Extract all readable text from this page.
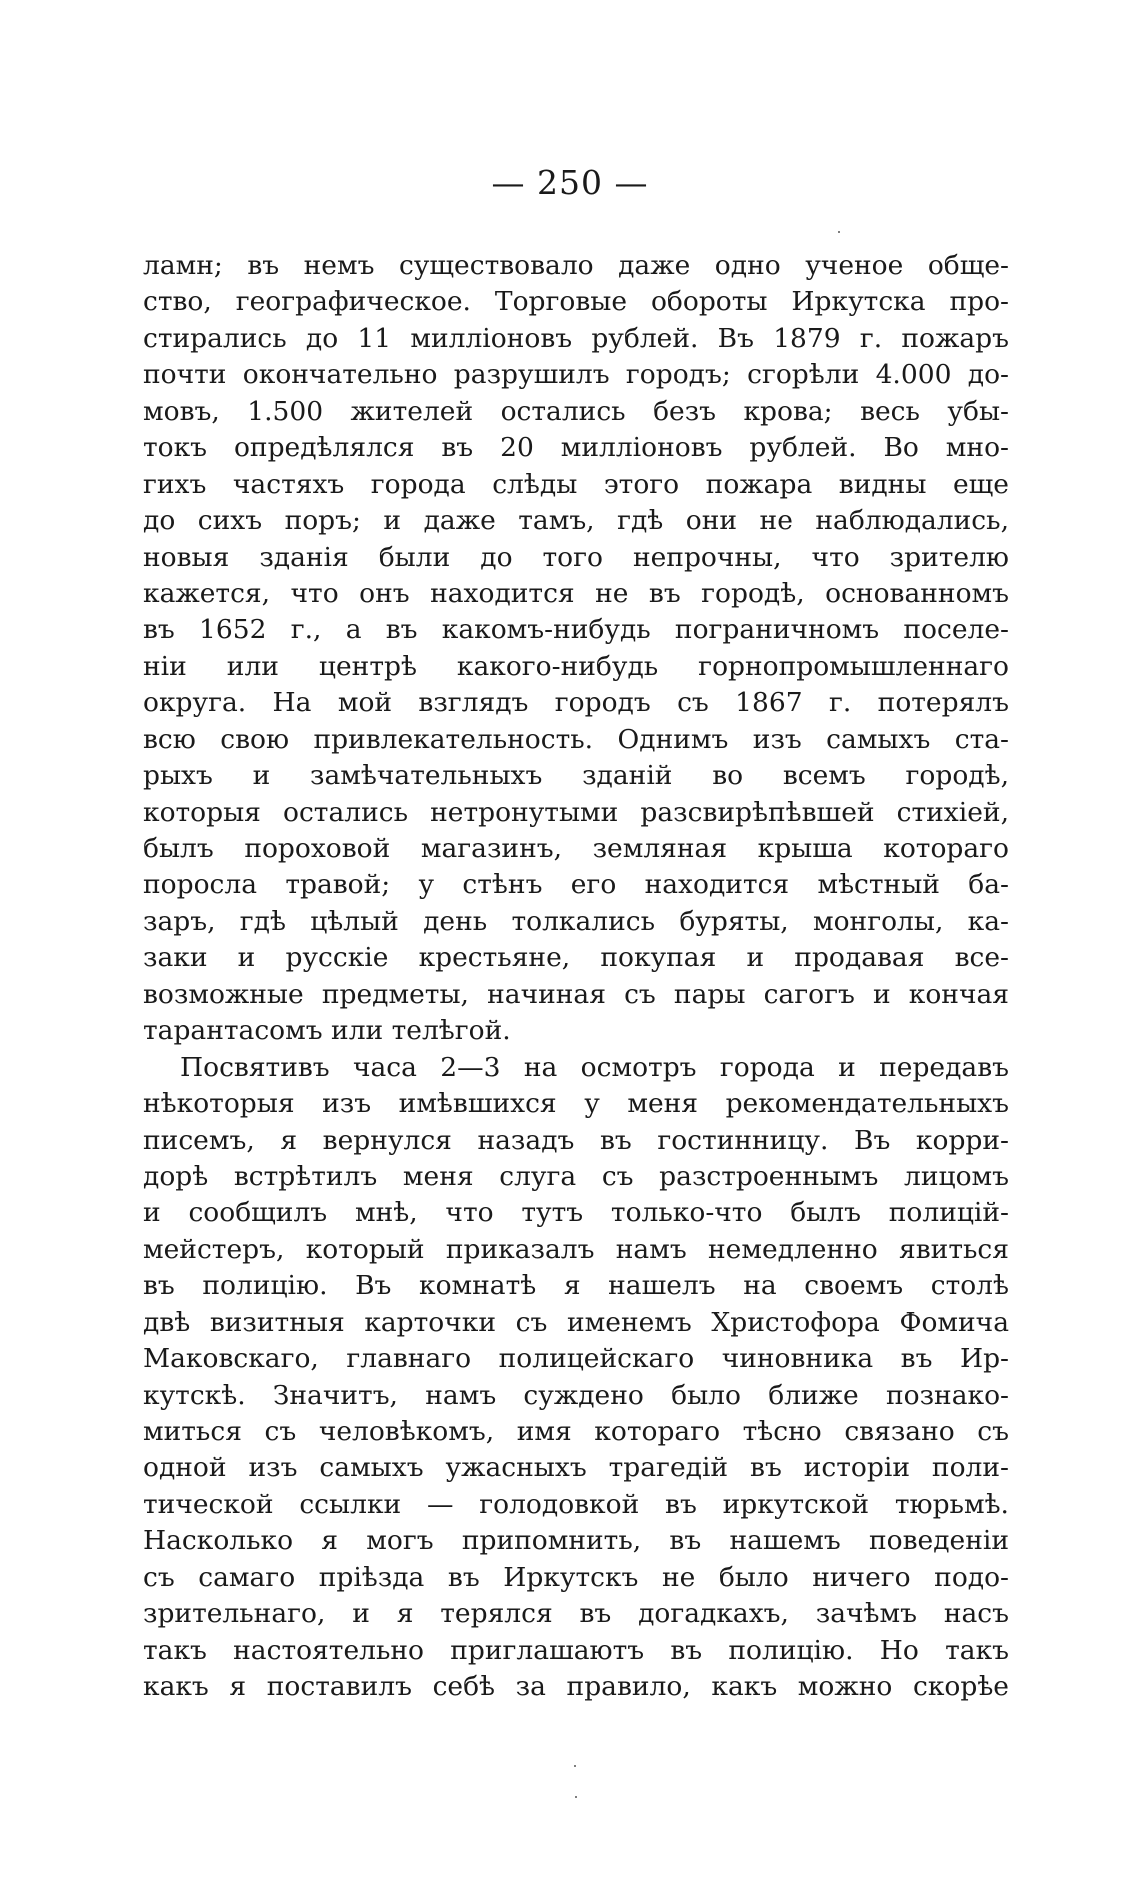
— 250 —
ламн; въ немъ существовало даже одно ученое обще-
ство, географическое. Торговые обороты Иркутска про-
стирались до 11 милліоновъ рублей. Въ 1879 г. пожаръ
почти окончательно разрушилъ городъ; сгорѣли 4.000 до-
мовъ, 1.500 жителей остались безъ крова; весь убы-
токъ опредѣлялся въ 20 милліоновъ рублей. Во мно-
гихъ частяхъ города слѣды этого пожара видны еще
до сихъ поръ; и даже тамъ, гдѣ они не наблюдались,
новыя зданія были до того непрочны, что зрителю
кажется, что онъ находится не въ городѣ, основанномъ
въ 1652 г., а въ какомъ-нибудь пограничномъ поселе-
ніи или центрѣ какого-нибудь горнопромышленнаго
округа. На мой взглядъ городъ съ 1867 г. потерялъ
всю свою привлекательность. Однимъ изъ самыхъ ста-
рыхъ и замѣчательныхъ зданій во всемъ городѣ,
которыя остались нетронутыми разсвирѣпѣвшей стихіей,
былъ пороховой магазинъ, земляная крыша котораго
поросла травой; у стѣнъ его находится мѣстный ба-
заръ, гдѣ цѣлый день толкались буряты, монголы, ка-
заки и русскіе крестьяне, покупая и продавая все-
возможные предметы, начиная съ пары сагогъ и кончая
тарантасомъ или телѣгой.
Посвятивъ часа 2—3 на осмотръ города и передавъ
нѣкоторыя изъ имѣвшихся у меня рекомендательныхъ
писемъ, я вернулся назадъ въ гостинницу. Въ корри-
дорѣ встрѣтилъ меня слуга съ разстроеннымъ лицомъ
и сообщилъ мнѣ, что тутъ только-что былъ полицій-
мейстеръ, который приказалъ намъ немедленно явиться
въ полицію. Въ комнатѣ я нашелъ на своемъ столѣ
двѣ визитныя карточки съ именемъ Христофора Фомича
Маковскаго, главнаго полицейскаго чиновника въ Ир-
кутскѣ. Значитъ, намъ суждено было ближе познако-
миться съ человѣкомъ, имя котораго тѣсно связано съ
одной изъ самыхъ ужасныхъ трагедій въ исторіи поли-
тической ссылки — голодовкой въ иркутской тюрьмѣ.
Насколько я могъ припомнить, въ нашемъ поведеніи
съ самаго пріѣзда въ Иркутскъ не было ничего подо-
зрительнаго, и я терялся въ догадкахъ, зачѣмъ насъ
такъ настоятельно приглашаютъ въ полицію. Но такъ
какъ я поставилъ себѣ за правило, какъ можно скорѣе
